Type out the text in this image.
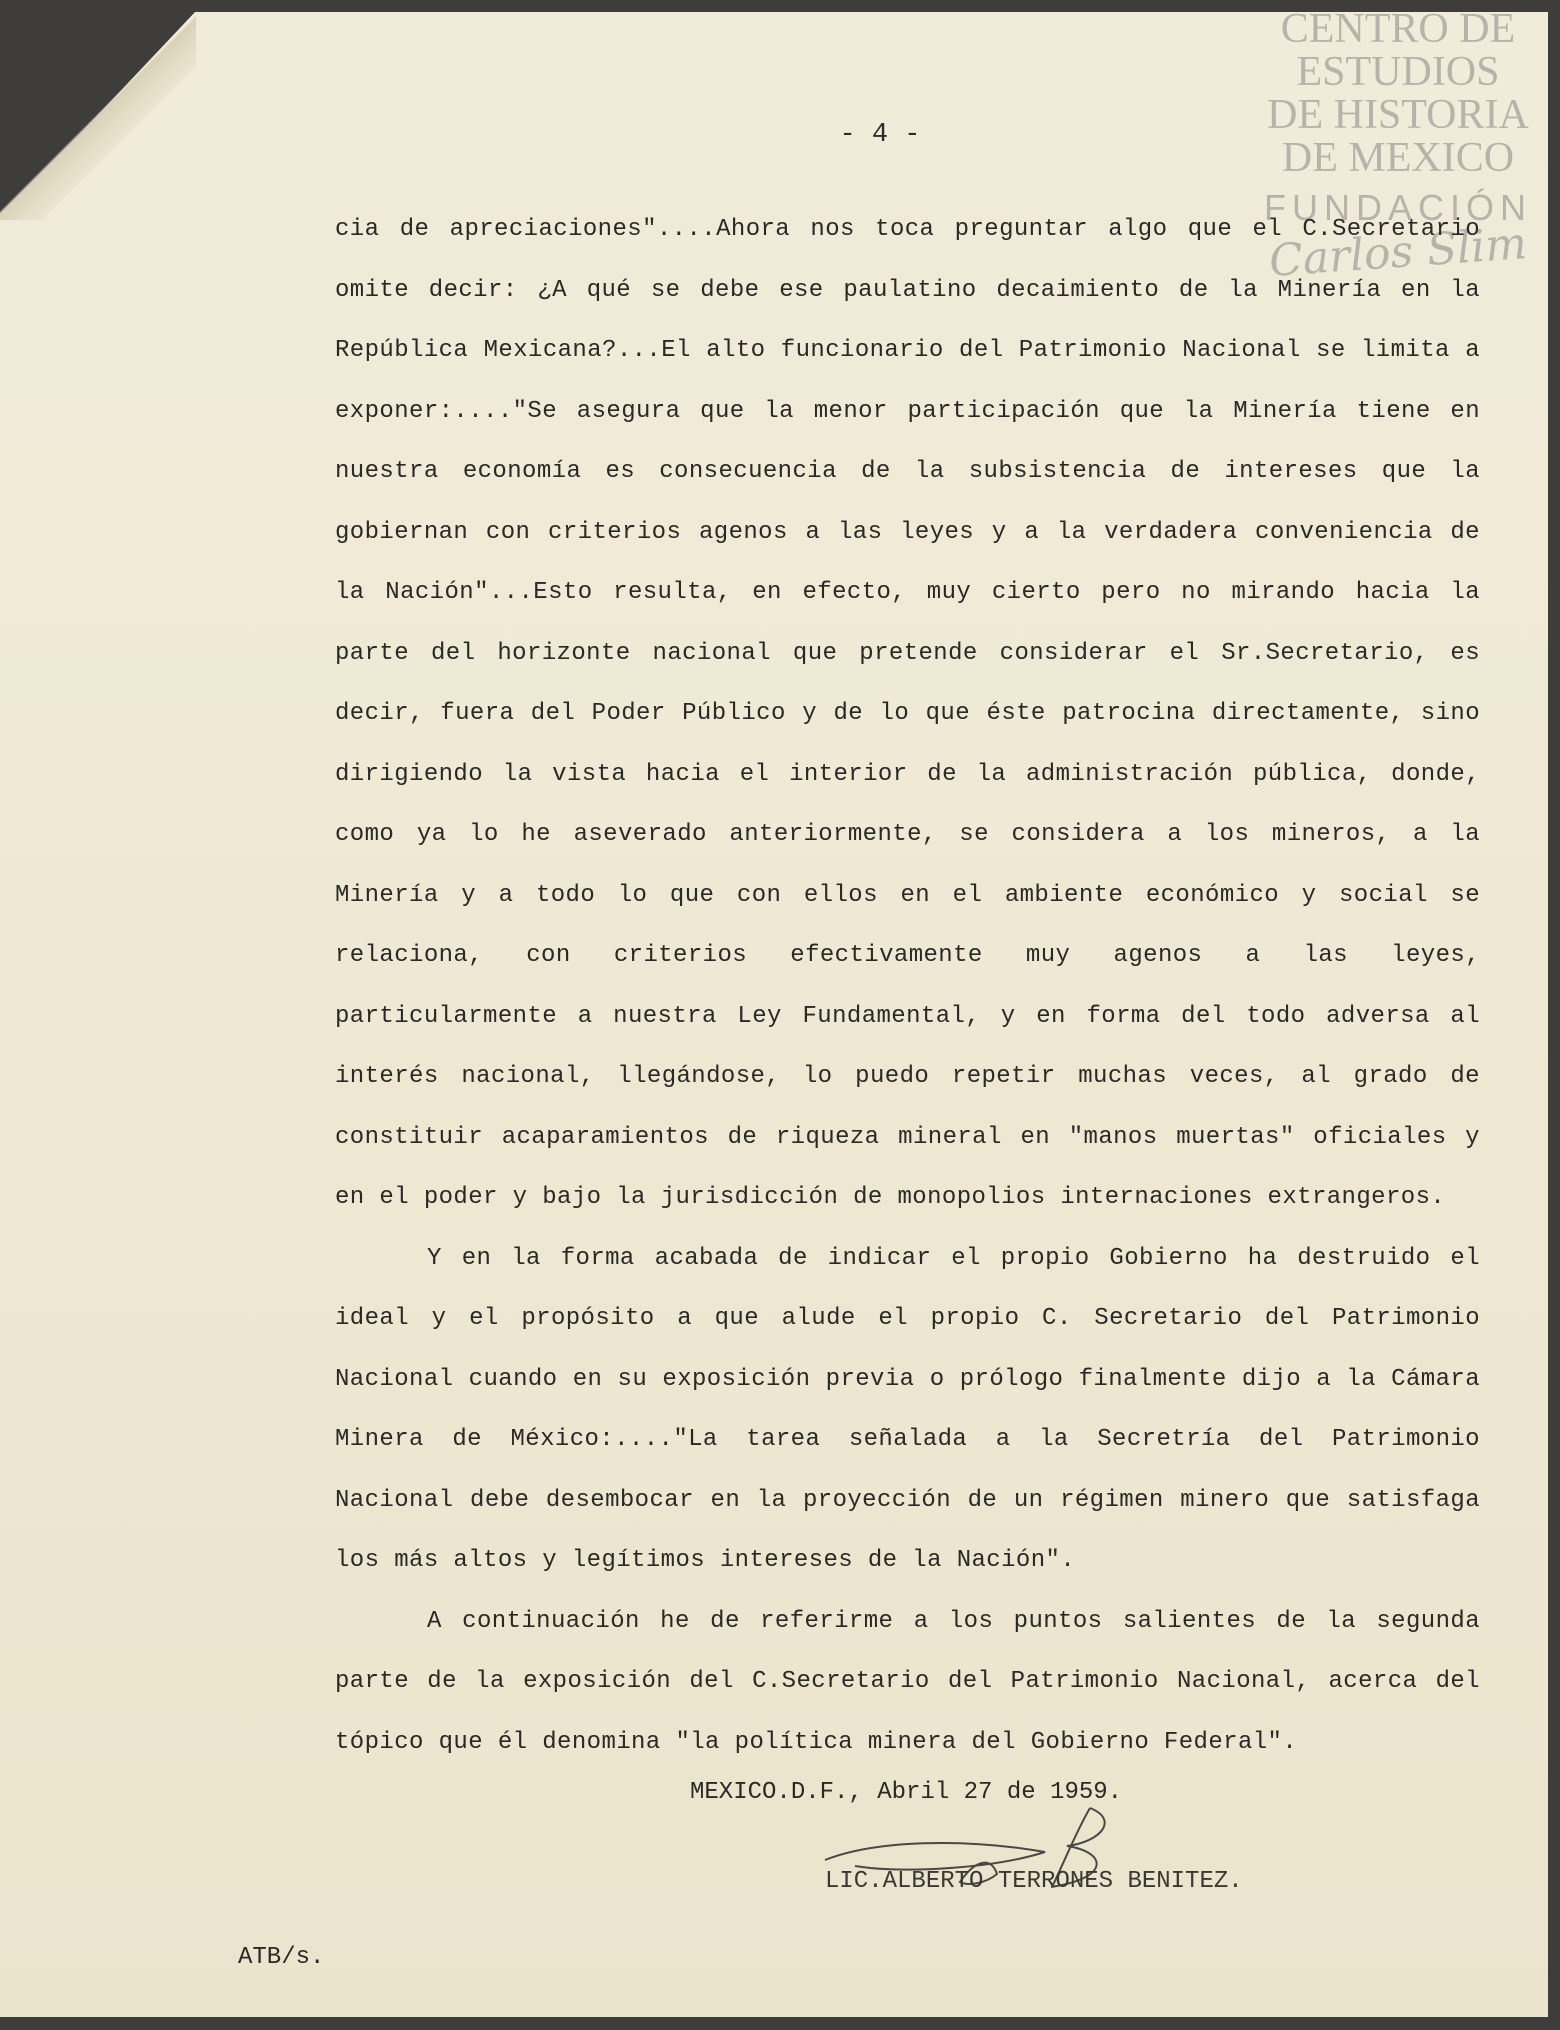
CENTRO DE
ESTUDIOS
DE HISTORIA
DE MEXICO
FUNDACIÓN
Carlos Slim
- 4 -

cia de apreciaciones"....Ahora nos toca preguntar algo que el C.Secretario omite decir: ¿A qué se debe ese paulatino decaimiento de la Minería en la República Mexicana?...El alto funcionario del Patrimonio Nacional se limita a exponer:...."Se asegura que la menor participación que la Minería tiene en nuestra economía es consecuencia de la subsistencia de intereses que la gobiernan con criterios agenos a las leyes y a la verdadera conveniencia de la Nación"...Esto resulta, en efecto, muy cierto pero no mirando hacia la parte del horizonte nacional que pretende considerar el Sr.Secretario, es decir, fuera del Poder Público y de lo que éste patrocina directamente, sino dirigiendo la vista hacia el interior de la administración pública, donde, como ya lo he aseverado anteriormente, se considera a los mineros, a la Minería y a todo lo que con ellos en el ambiente económico y social se relaciona, con criterios efectivamente muy agenos a las leyes, particularmente a nuestra Ley Fundamental, y en forma del todo adversa al interés nacional, llegándose, lo puedo repetir muchas veces, al grado de constituir acaparamientos de riqueza mineral en "manos muertas" oficiales y en el poder y bajo la jurisdicción de monopolios internaciones extrangeros.

Y en la forma acabada de indicar el propio Gobierno ha destruido el ideal y el propósito a que alude el propio C. Secretario del Patrimonio Nacional cuando en su exposición previa o prólogo finalmente dijo a la Cámara Minera de México:...."La tarea señalada a la Secretría del Patrimonio Nacional debe desembocar en la proyección de un régimen minero que satisfaga los más altos y legítimos intereses de la Nación".

A continuación he de referirme a los puntos salientes de la segunda parte de la exposición del C.Secretario del Patrimonio Nacional, acerca del tópico que él denomina "la política minera del Gobierno Federal".

MEXICO.D.F., Abril 27 de 1959.
LIC.ALBERTO TERRONES BENITEZ.
ATB/s.
